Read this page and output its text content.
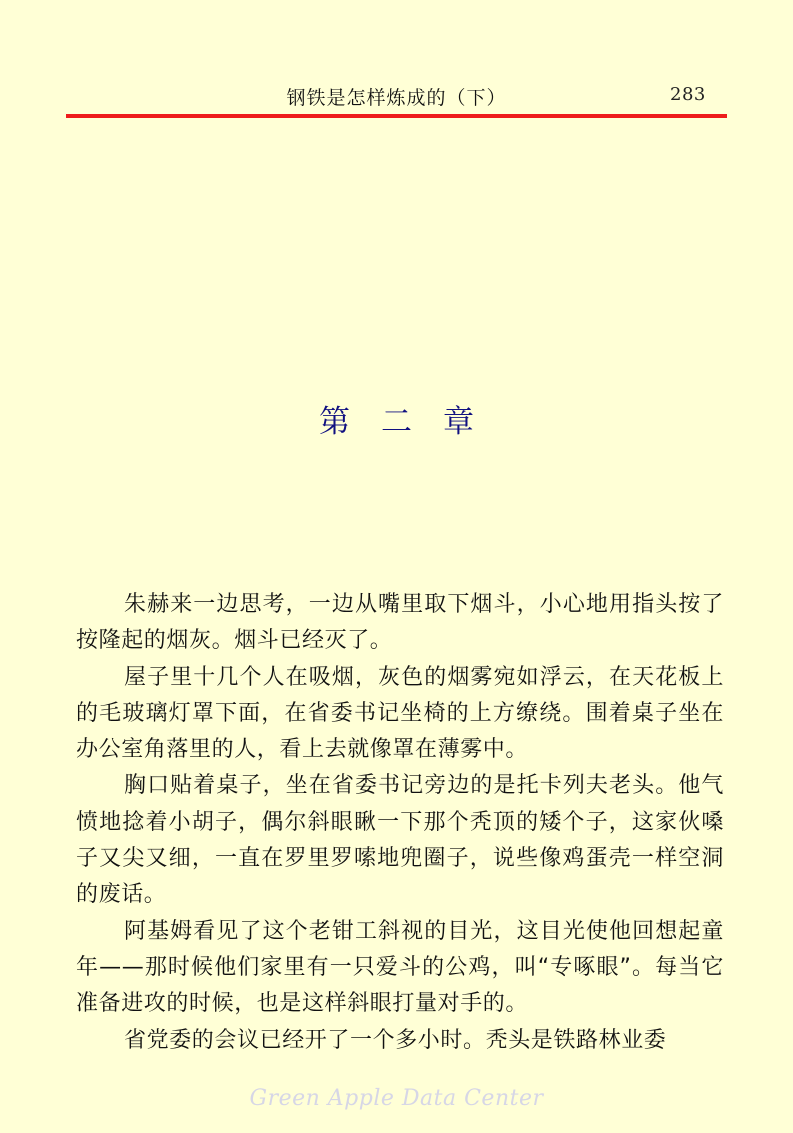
钢铁是怎样炼成的（下）	283
第　二　章

朱赫来一边思考，一边从嘴里取下烟斗，小心地用指头按了按隆起的烟灰。烟斗已经灭了。

屋子里十几个人在吸烟，灰色的烟雾宛如浮云，在天花板上的毛玻璃灯罩下面，在省委书记坐椅的上方缭绕。围着桌子坐在办公室角落里的人，看上去就像罩在薄雾中。

胸口贴着桌子，坐在省委书记旁边的是托卡列夫老头。他气愤地捻着小胡子，偶尔斜眼瞅一下那个秃顶的矮个子，这家伙嗓子又尖又细，一直在罗里罗嗦地兜圈子，说些像鸡蛋壳一样空洞的废话。

阿基姆看见了这个老钳工斜视的目光，这目光使他回想起童年——那时候他们家里有一只爱斗的公鸡，叫“专啄眼”。每当它准备进攻的时候，也是这样斜眼打量对手的。

省党委的会议已经开了一个多小时。秃头是铁路林业委

Green Apple Data Center
